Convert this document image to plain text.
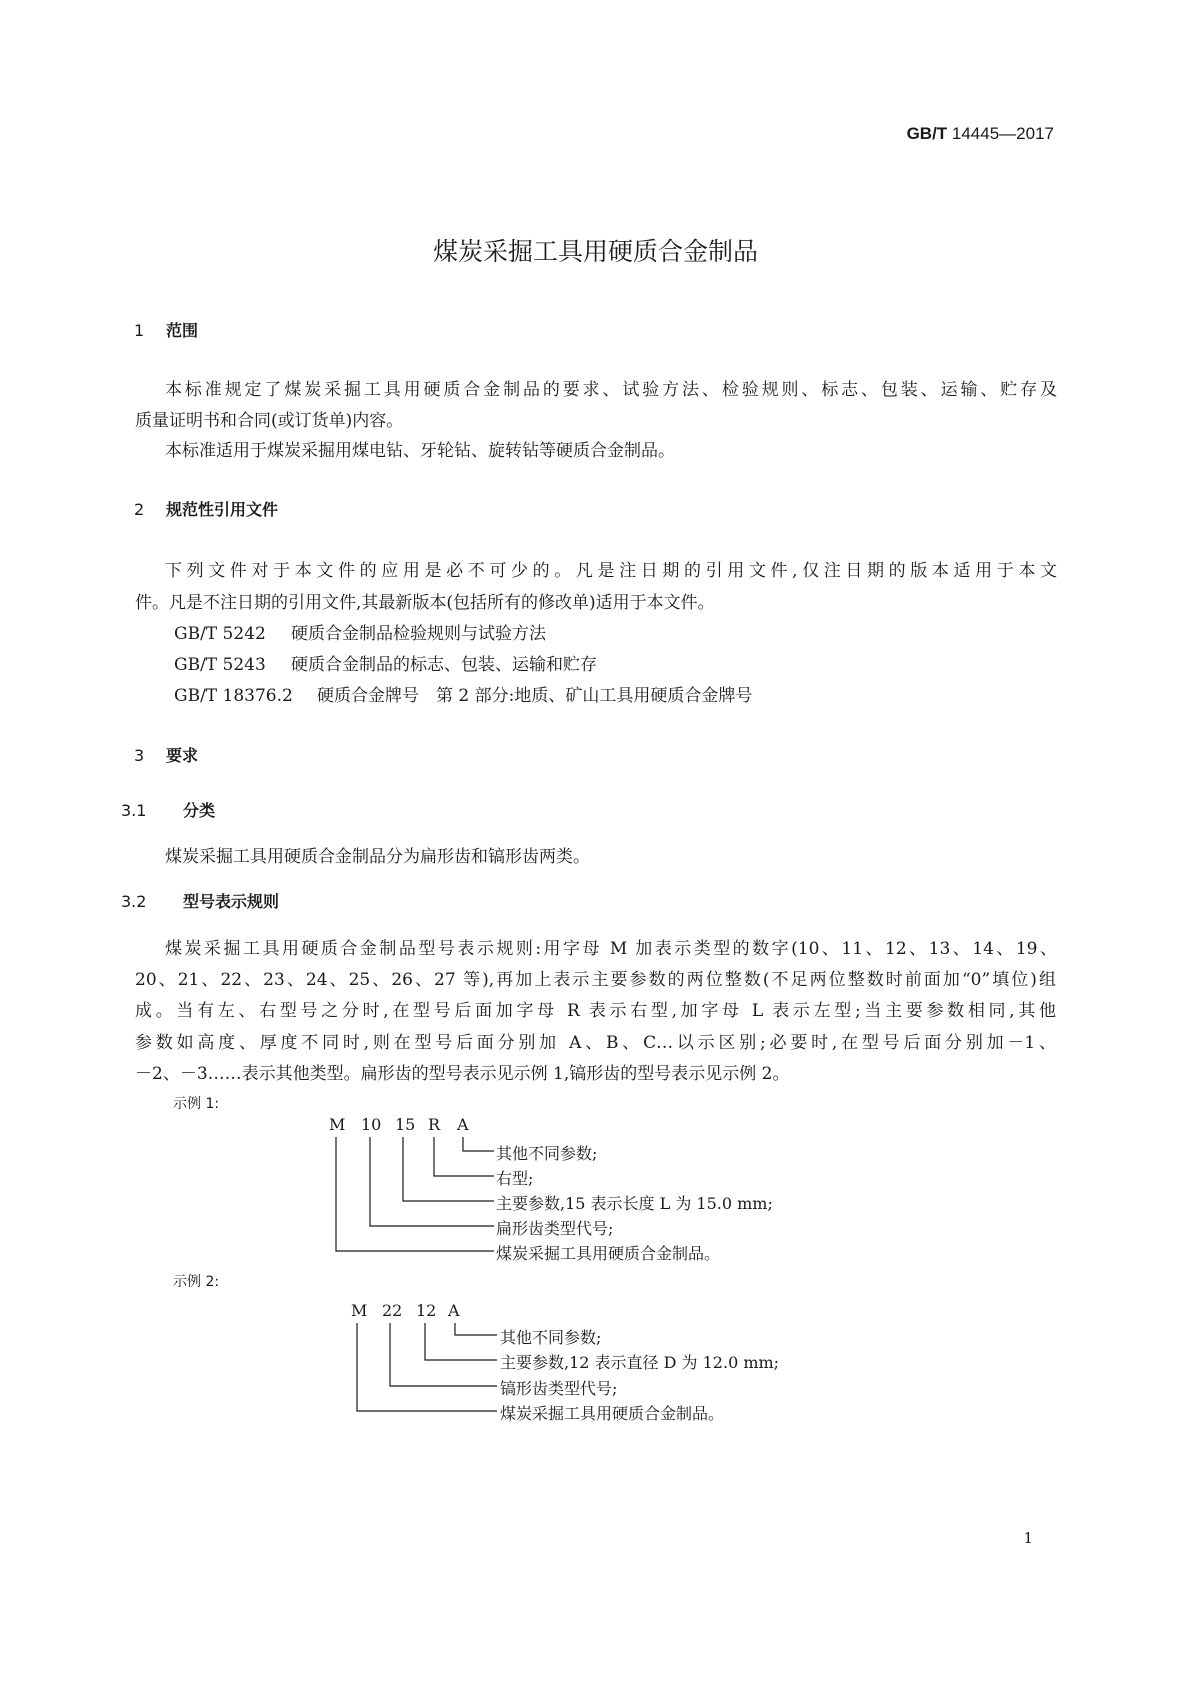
GB/T 14445—2017
煤炭采掘工具用硬质合金制品
1 范围
本标准规定了煤炭采掘工具用硬质合金制品的要求、试验方法、检验规则、标志、包装、运输、贮存及
质量证明书和合同(或订货单)内容。
本标准适用于煤炭采掘用煤电钻、牙轮钻、旋转钻等硬质合金制品。
2 规范性引用文件
下列文件对于本文件的应用是必不可少的。凡是注日期的引用文件,仅注日期的版本适用于本文
件。凡是不注日期的引用文件,其最新版本(包括所有的修改单)适用于本文件。
GB/T 5242 硬质合金制品检验规则与试验方法
GB/T 5243 硬质合金制品的标志、包装、运输和贮存
GB/T 18376.2 硬质合金牌号　第 2 部分:地质、矿山工具用硬质合金牌号
3 要求
3.1 分类
煤炭采掘工具用硬质合金制品分为扁形齿和镐形齿两类。
3.2 型号表示规则
煤炭采掘工具用硬质合金制品型号表示规则:用字母 M 加表示类型的数字(10、11、12、13、14、19、
20、21、22、23、24、25、26、27 等),再加上表示主要参数的两位整数(不足两位整数时前面加“0”填位)组
成。当有左、右型号之分时,在型号后面加字母 R 表示右型,加字母 L 表示左型;当主要参数相同,其他
参数如高度、厚度不同时,则在型号后面分别加 A、B、C…以示区别;必要时,在型号后面分别加－1、
－2、－3……表示其他类型。扁形齿的型号表示见示例 1,镐形齿的型号表示见示例 2。
示例 1:
M 10 15 R A
其他不同参数;
右型;
主要参数,15 表示长度 L 为 15.0 mm;
扁形齿类型代号;
煤炭采掘工具用硬质合金制品。
示例 2:
M 22 12 A
其他不同参数;
主要参数,12 表示直径 D 为 12.0 mm;
镐形齿类型代号;
煤炭采掘工具用硬质合金制品。
1
